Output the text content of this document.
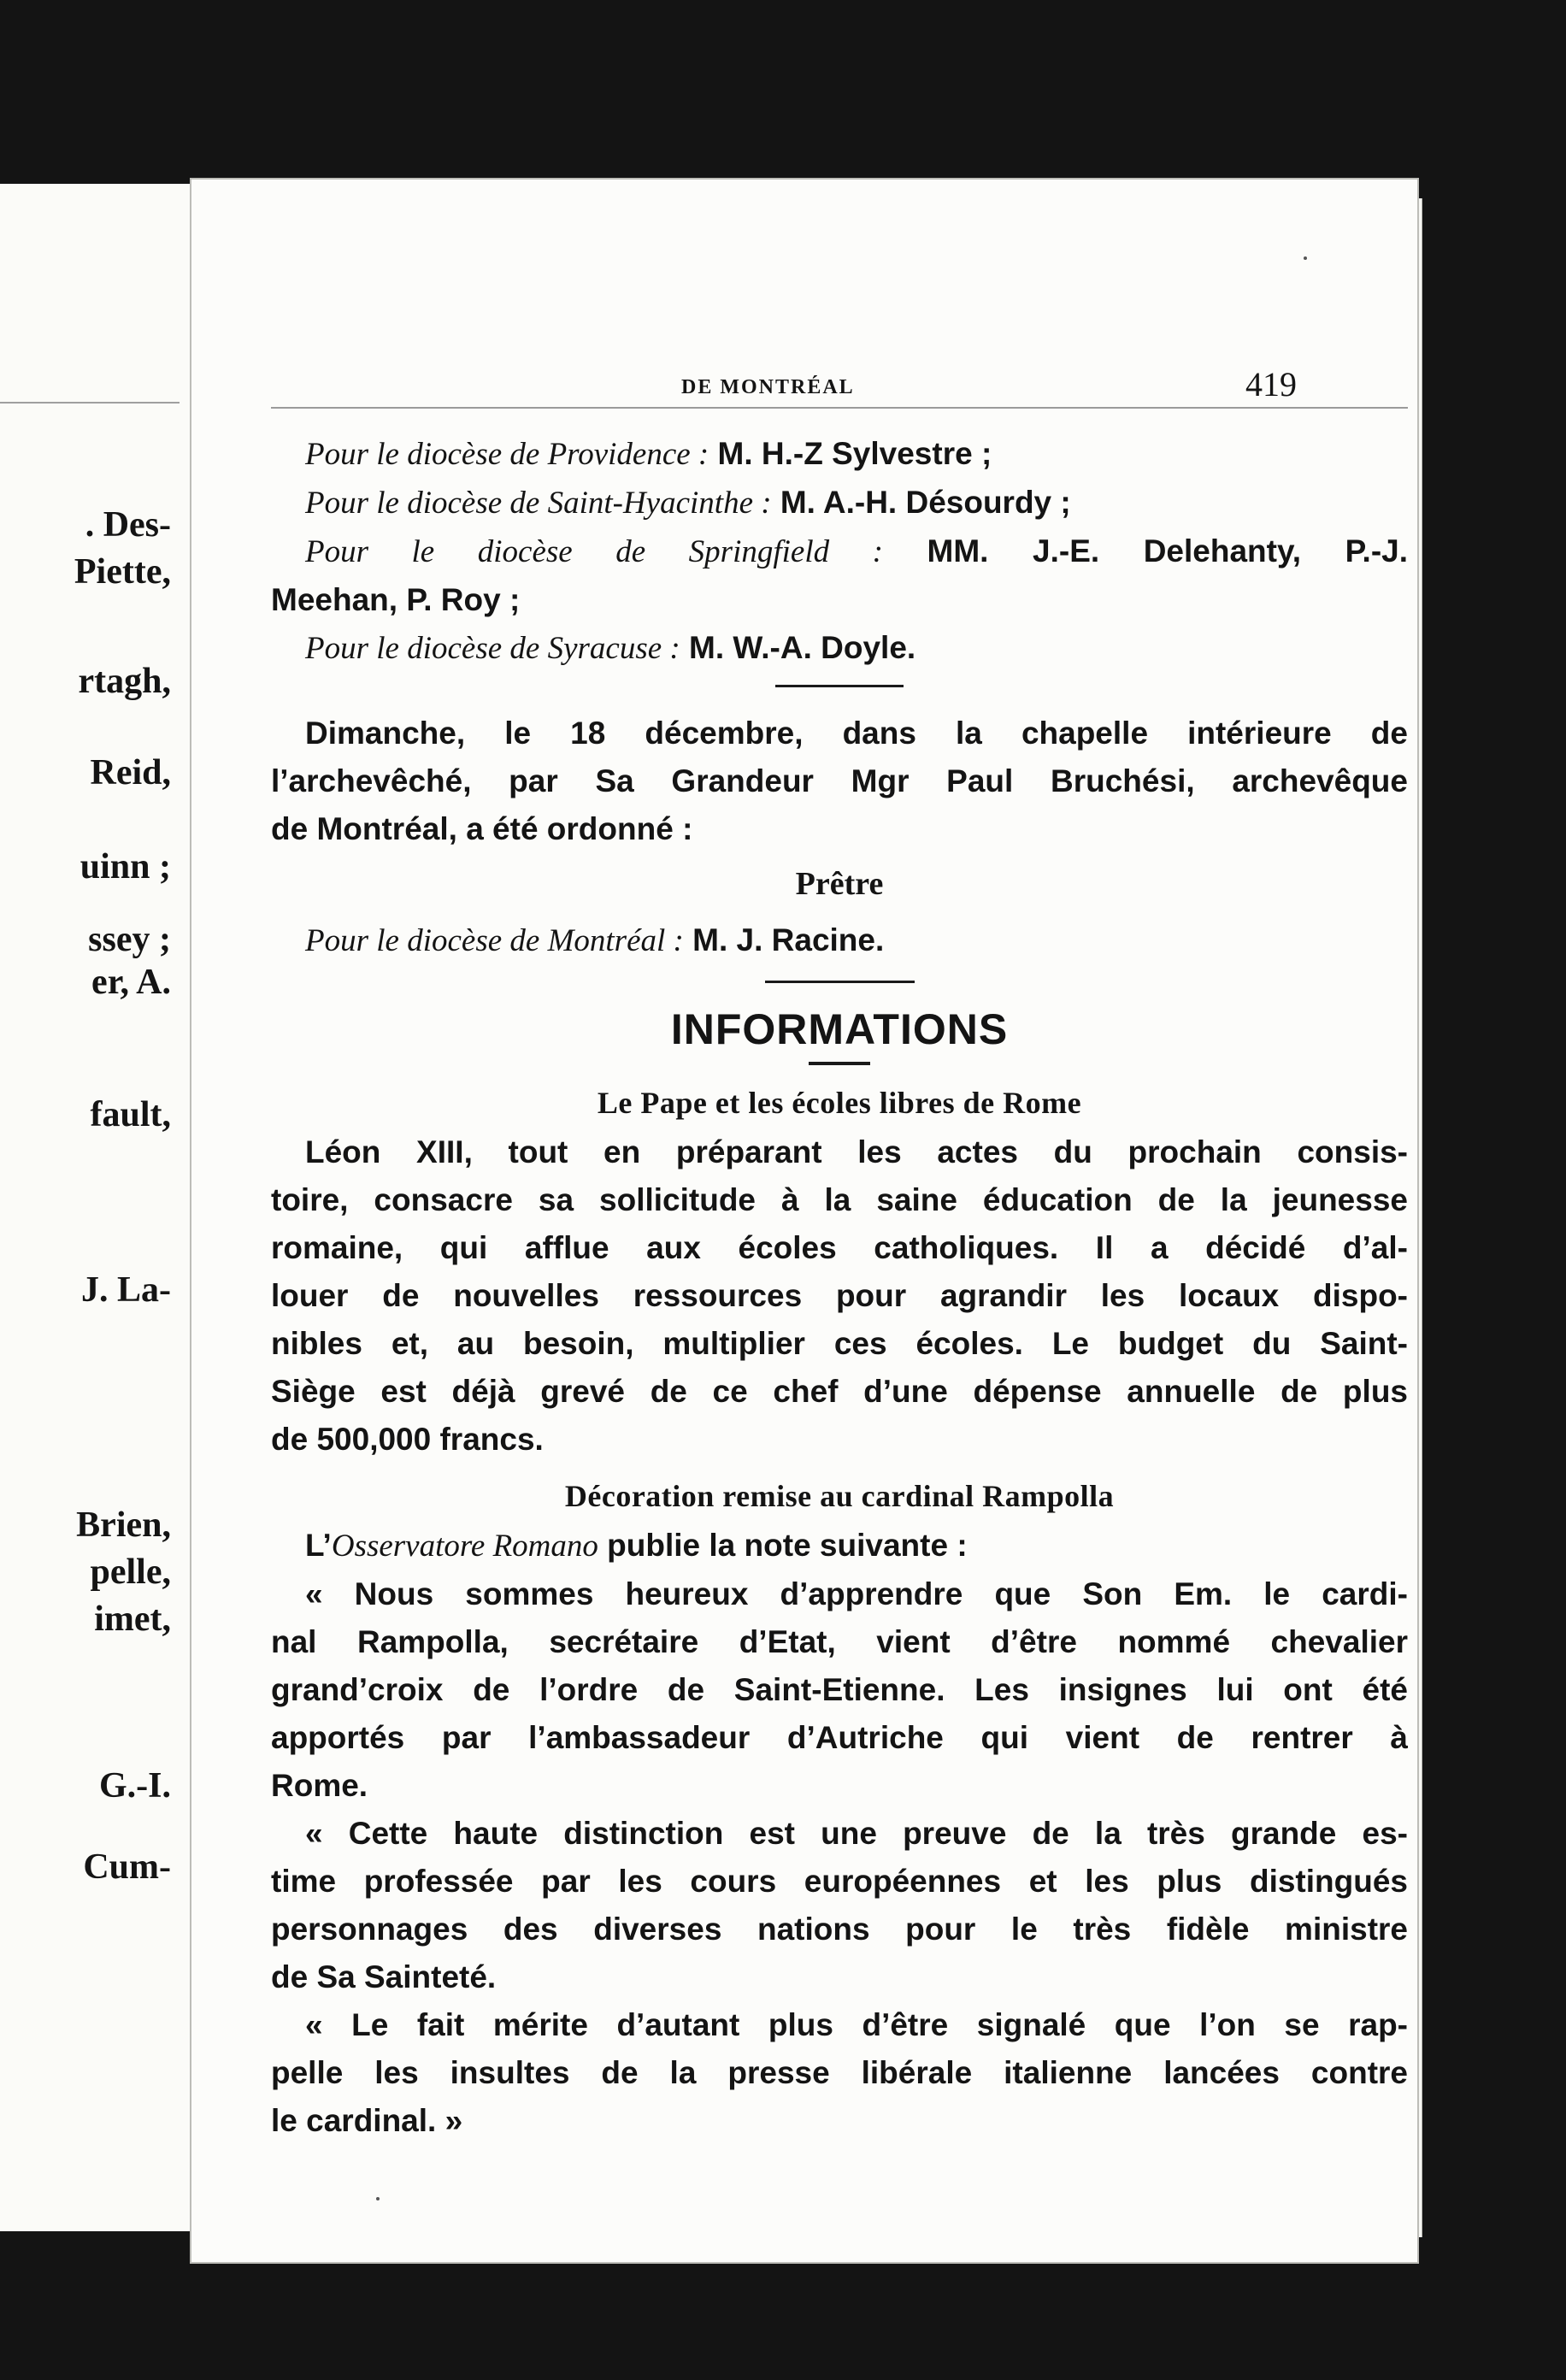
. Des-
Piette,
rtagh,
Reid,
uinn ;
ssey ;
er, A.
fault,
J. La-
Brien,
pelle,
imet,
G.-I.
Cum-
DE MONTRÉAL	419

Pour le diocèse de Providence : M. H.-Z Sylvestre ;

Pour le diocèse de Saint-Hyacinthe : M. A.-H. Désourdy ;

Pour le diocèse de Springfield : MM. J.-E. Delehanty, P.-J.

Meehan, P. Roy ;

Pour le diocèse de Syracuse : M. W.-A. Doyle.

Dimanche, le 18 décembre, dans la chapelle intérieure de

l’archevêché, par Sa Grandeur Mgr Paul Bruchési, archevêque

de Montréal, a été ordonné :

Prêtre

Pour le diocèse de Montréal : M. J. Racine.

INFORMATIONS
Le Pape et les écoles libres de Rome

Léon XIII, tout en préparant les actes du prochain consis-

toire, consacre sa sollicitude à la saine éducation de la jeunesse

romaine, qui afflue aux écoles catholiques. Il a décidé d’al-

louer de nouvelles ressources pour agrandir les locaux dispo-

nibles et, au besoin, multiplier ces écoles. Le budget du Saint-

Siège est déjà grevé de ce chef d’une dépense annuelle de plus

de 500,000 francs.

Décoration remise au cardinal Rampolla

L’Osservatore Romano publie la note suivante :

« Nous sommes heureux d’apprendre que Son Em. le cardi-

nal Rampolla, secrétaire d’Etat, vient d’être nommé chevalier

grand’croix de l’ordre de Saint-Etienne. Les insignes lui ont été

apportés par l’ambassadeur d’Autriche qui vient de rentrer à

Rome.

« Cette haute distinction est une preuve de la très grande es-

time professée par les cours européennes et les plus distingués

personnages des diverses nations pour le très fidèle ministre

de Sa Sainteté.

« Le fait mérite d’autant plus d’être signalé que l’on se rap-

pelle les insultes de la presse libérale italienne lancées contre

le cardinal. »
